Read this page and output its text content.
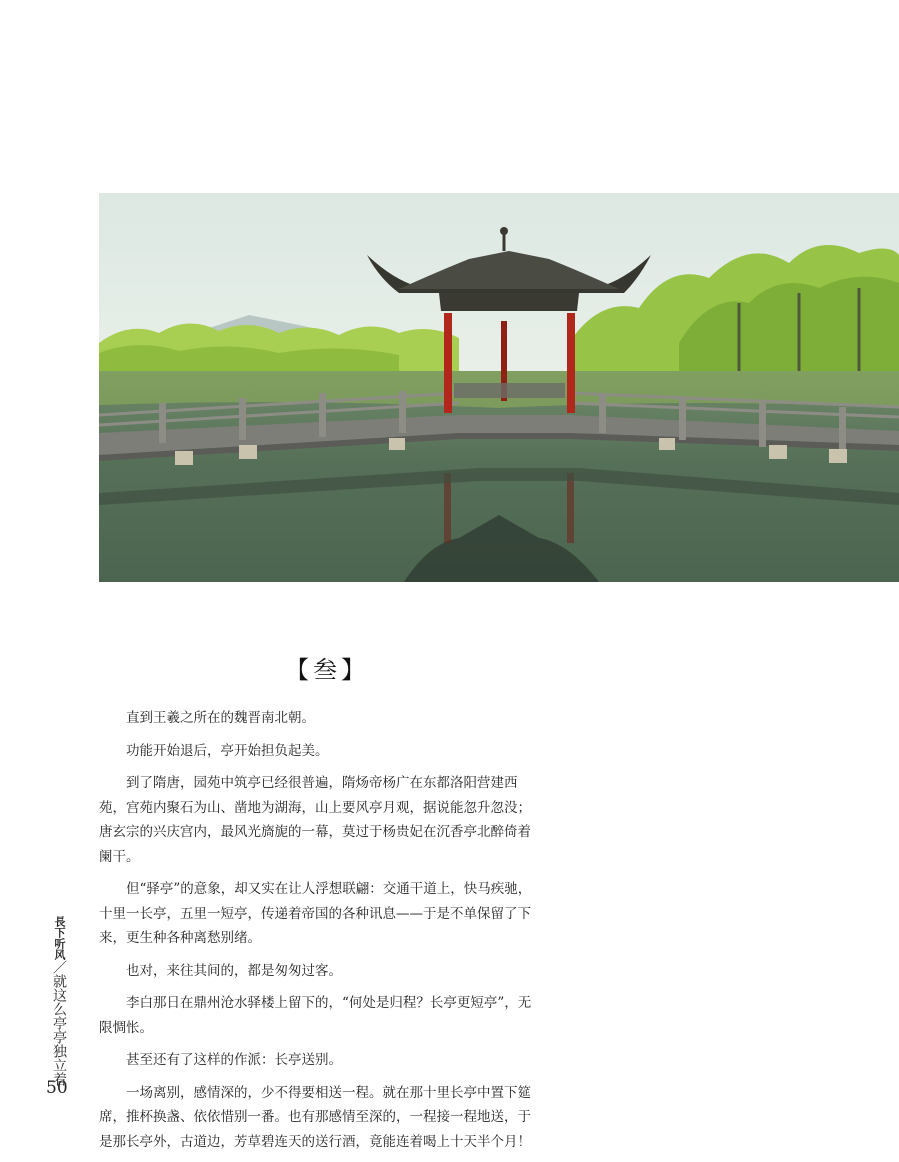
【叁】

直到王羲之所在的魏晋南北朝。

功能开始退后，亭开始担负起美。

到了隋唐，园苑中筑亭已经很普遍，隋炀帝杨广在东都洛阳营建西苑，宫苑内聚石为山、凿地为湖海，山上要风亭月观，据说能忽升忽没；唐玄宗的兴庆宫内，最风光旖旎的一幕，莫过于杨贵妃在沉香亭北醉倚着阑干。

但“驿亭”的意象，却又实在让人浮想联翩：交通干道上，快马疾驰，十里一长亭，五里一短亭，传递着帝国的各种讯息——于是不单保留了下来，更生种各种离愁别绪。

也对，来往其间的，都是匆匆过客。

李白那日在鼎州沧水驿楼上留下的，“何处是归程？长亭更短亭”，无限惆怅。

甚至还有了这样的作派：长亭送别。

一场离别，感情深的，少不得要相送一程。就在那十里长亭中置下筵席，推杯换盏、依依惜别一番。也有那感情至深的，一程接一程地送，于是那长亭外，古道边，芳草碧连天的送行酒，竟能连着喝上十天半个月！

長下听风／就这么亭亭独立着
50
